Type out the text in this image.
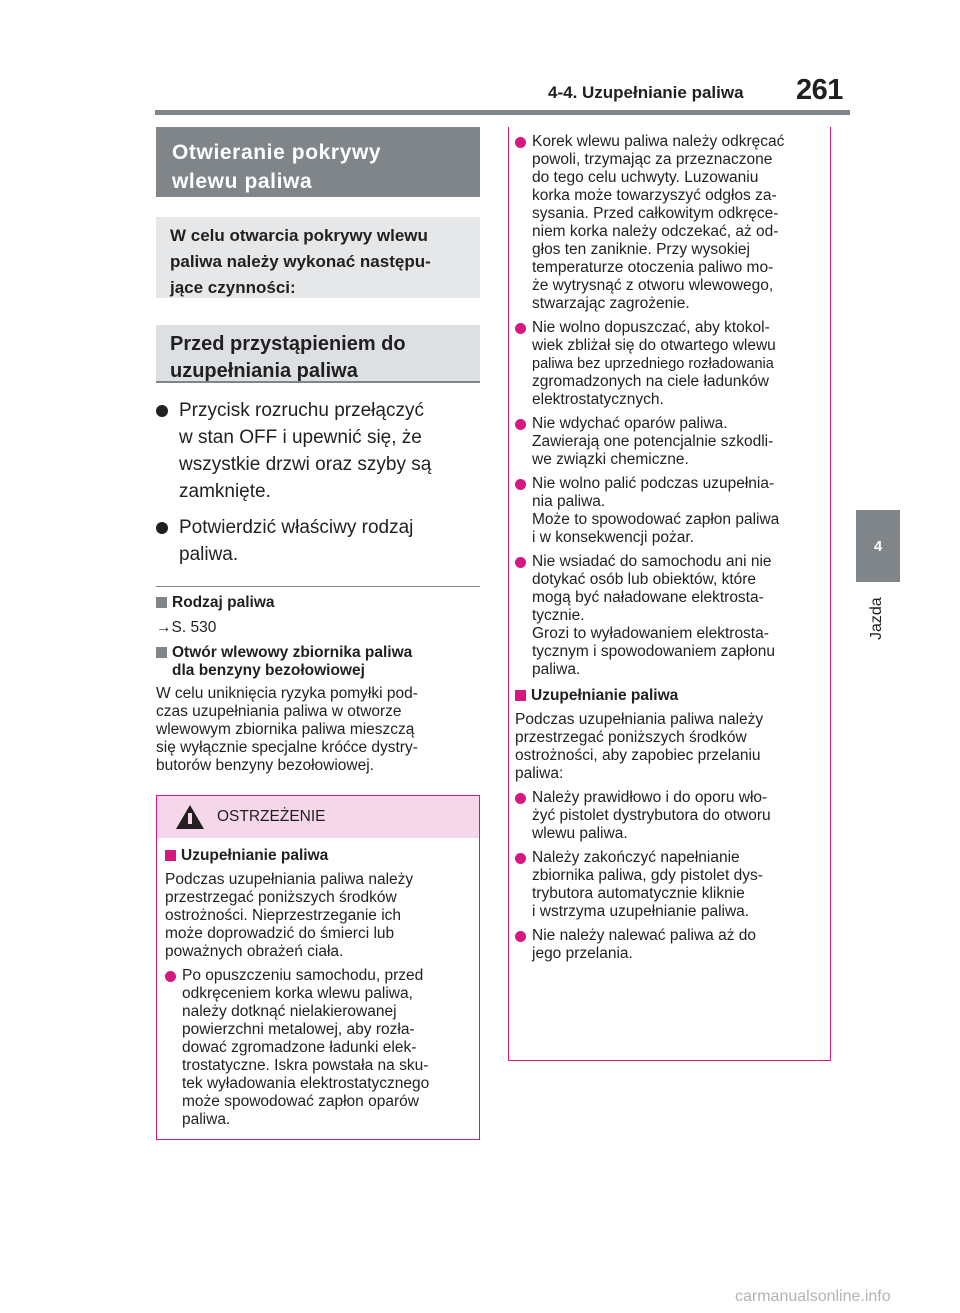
4-4. Uzupełnianie paliwa 261
4
Jazda
Otwieranie pokrywy
wlewu paliwa
W celu otwarcia pokrywy wlewu
paliwa należy wykonać następu-
jące czynności:
Przed przystąpieniem do
uzupełniania paliwa
Przycisk rozruchu przełączyć
w stan OFF i upewnić się, że
wszystkie drzwi oraz szyby są
zamknięte.
Potwierdzić właściwy rodzaj
paliwa.
Rodzaj paliwa
→S. 530
Otwór wlewowy zbiornika paliwa
dla benzyny bezołowiowej
W celu uniknięcia ryzyka pomyłki pod-
czas uzupełniania paliwa w otworze
wlewowym zbiornika paliwa mieszczą
się wyłącznie specjalne króćce dystry-
butorów benzyny bezołowiowej.

OSTRZEŻENIE
Uzupełnianie paliwa
Podczas uzupełniania paliwa należy
przestrzegać poniższych środków
ostrożności. Nieprzestrzeganie ich
może doprowadzić do śmierci lub
poważnych obrażeń ciała.
Po opuszczeniu samochodu, przed
odkręceniem korka wlewu paliwa,
należy dotknąć nielakierowanej
powierzchni metalowej, aby rozła-
dować zgromadzone ładunki elek-
trostatyczne. Iskra powstała na sku-
tek wyładowania elektrostatycznego
może spowodować zapłon oparów
paliwa.
Korek wlewu paliwa należy odkręcać
powoli, trzymając za przeznaczone
do tego celu uchwyty. Luzowaniu
korka może towarzyszyć odgłos za-
sysania. Przed całkowitym odkręce-
niem korka należy odczekać, aż od-
głos ten zaniknie. Przy wysokiej
temperaturze otoczenia paliwo mo-
że wytrysnąć z otworu wlewowego,
stwarzając zagrożenie.
Nie wolno dopuszczać, aby ktokol-
wiek zbliżał się do otwartego wlewu
paliwa bez uprzedniego rozładowania
zgromadzonych na ciele ładunków
elektrostatycznych.
Nie wdychać oparów paliwa.
Zawierają one potencjalnie szkodli-
we związki chemiczne.
Nie wolno palić podczas uzupełnia-
nia paliwa.
Może to spowodować zapłon paliwa
i w konsekwencji pożar.
Nie wsiadać do samochodu ani nie
dotykać osób lub obiektów, które
mogą być naładowane elektrosta-
tycznie.
Grozi to wyładowaniem elektrosta-
tycznym i spowodowaniem zapłonu
paliwa.
Uzupełnianie paliwa
Podczas uzupełniania paliwa należy
przestrzegać poniższych środków
ostrożności, aby zapobiec przelaniu
paliwa:
Należy prawidłowo i do oporu wło-
żyć pistolet dystrybutora do otworu
wlewu paliwa.
Należy zakończyć napełnianie
zbiornika paliwa, gdy pistolet dys-
trybutora automatycznie kliknie
i wstrzyma uzupełnianie paliwa.
Nie należy nalewać paliwa aż do
jego przelania.
carmanualsonline.info
